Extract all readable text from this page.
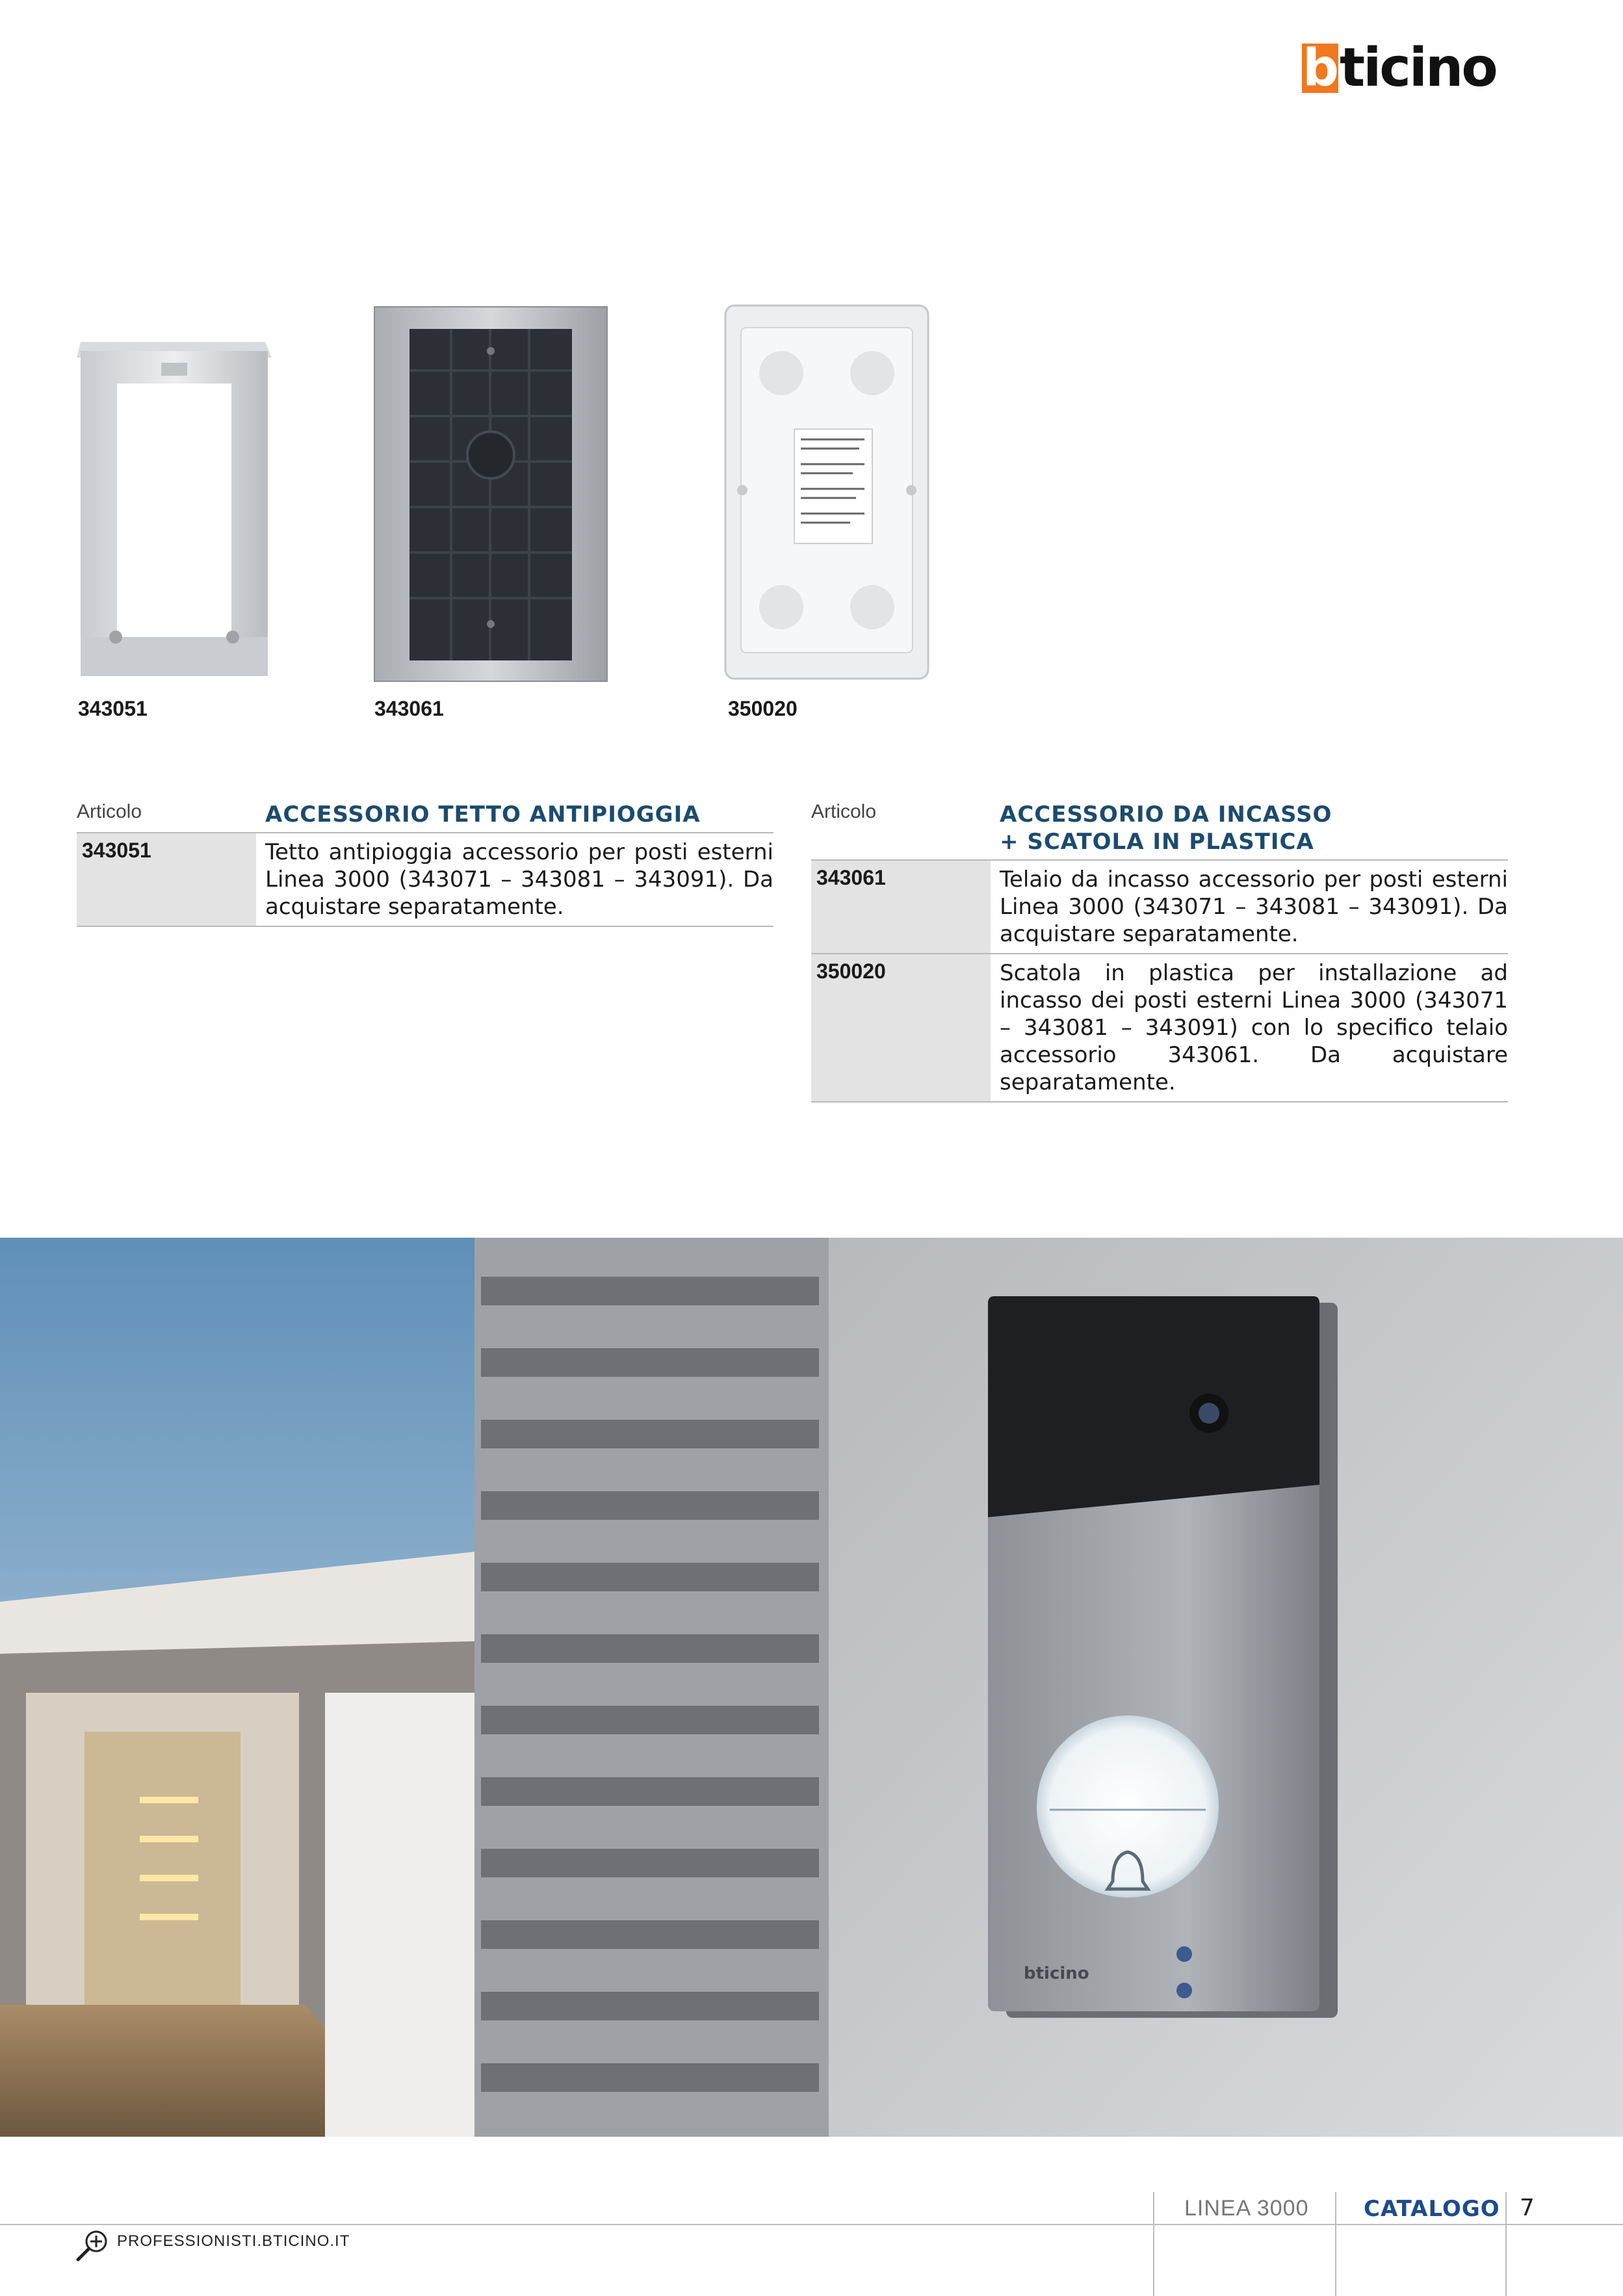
b ticino
343051	343061	350020
Articolo	ACCESSORIO TETTO ANTIPIOGGIA
343051	Tetto antipioggia accessorio per posti esterni Linea 3000 (343071 – 343081 – 343091). Da acquistare separatamente.
Articolo	ACCESSORIO DA INCASSO
+ SCATOLA IN PLASTICA
343061	Telaio da incasso accessorio per posti esterni Linea 3000 (343071 – 343081 – 343091). Da acquistare separatamente.
350020	Scatola in plastica per installazione ad incasso dei posti esterni Linea 3000 (343071 – 343081 – 343091) con lo specifico telaio accessorio 343061. Da acquistare separatamente.
bticino
LINEA 3000 CATALOGO 7
PROFESSIONISTI.BTICINO.IT
